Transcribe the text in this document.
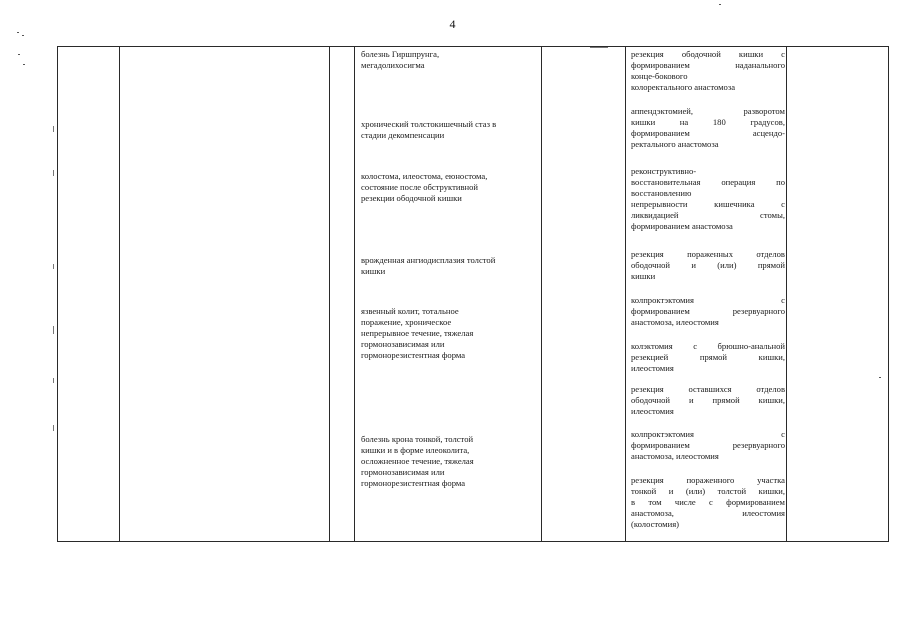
4
болезнь Гиршпрунга,
мегадолихосигма
хронический толстокишечный стаз в
стадии декомпенсации
колостома, илеостома, еюностома,
состояние после обструктивной
резекции ободочной кишки
врожденная ангиодисплазия толстой
кишки
язвенный колит, тотальное
поражение, хроническое
непрерывное течение, тяжелая
гормонозависимая или
гормонорезистентная форма
болезнь крона тонкой, толстой
кишки и в форме илеоколита,
осложненное течение, тяжелая
гормонозависимая или
гормонорезистентная форма
резекция ободочной кишки с
формированием наданального
конце-бокового
колоректального анастомоза
аппендэктомией, разворотом
кишки на 180 градусов,
формированием асцендо-
ректального анастомоза
реконструктивно-
восстановительная операция по
восстановлению
непрерывности кишечника с
ликвидацией стомы,
формированием анастомоза
резекция пораженных отделов
ободочной и (или) прямой
кишки
колпроктэктомия с
формированием резервуарного
анастомоза, илеостомия
колэктомия с брюшно-анальной
резекцией прямой кишки,
илеостомия
резекция оставшихся отделов
ободочной и прямой кишки,
илеостомия
колпроктэктомия с
формированием резервуарного
анастомоза, илеостомия
резекция пораженного участка
тонкой и (или) толстой кишки,
в том числе с формированием
анастомоза, илеостомия
(колостомия)
